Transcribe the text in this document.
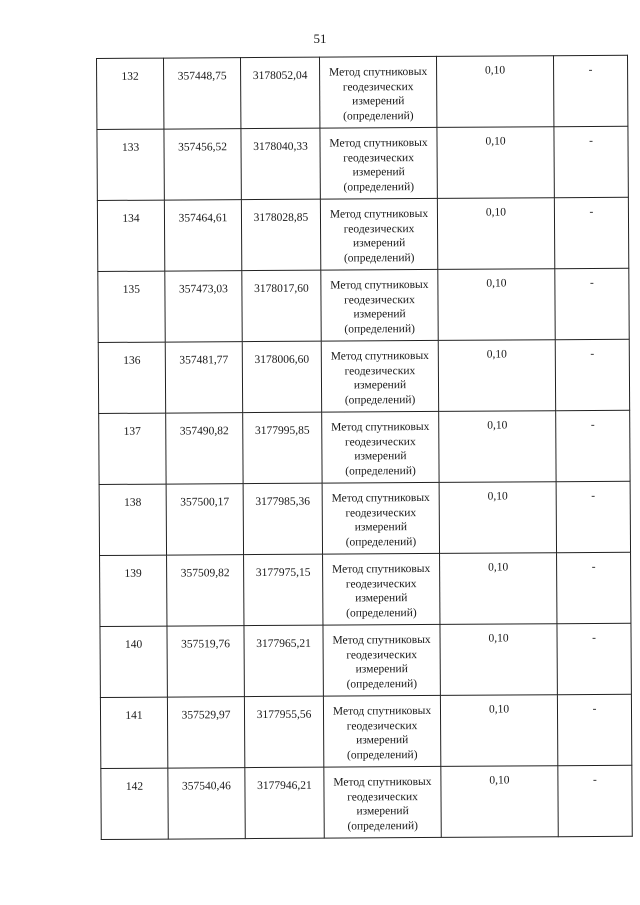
51
132	357448,75	3178052,04	Метод спутниковых геодезических измерений (определений)	0,10	-
133	357456,52	3178040,33	Метод спутниковых геодезических измерений (определений)	0,10	-
134	357464,61	3178028,85	Метод спутниковых геодезических измерений (определений)	0,10	-
135	357473,03	3178017,60	Метод спутниковых геодезических измерений (определений)	0,10	-
136	357481,77	3178006,60	Метод спутниковых геодезических измерений (определений)	0,10	-
137	357490,82	3177995,85	Метод спутниковых геодезических измерений (определений)	0,10	-
138	357500,17	3177985,36	Метод спутниковых геодезических измерений (определений)	0,10	-
139	357509,82	3177975,15	Метод спутниковых геодезических измерений (определений)	0,10	-
140	357519,76	3177965,21	Метод спутниковых геодезических измерений (определений)	0,10	-
141	357529,97	3177955,56	Метод спутниковых геодезических измерений (определений)	0,10	-
142	357540,46	3177946,21	Метод спутниковых геодезических измерений (определений)	0,10	-
